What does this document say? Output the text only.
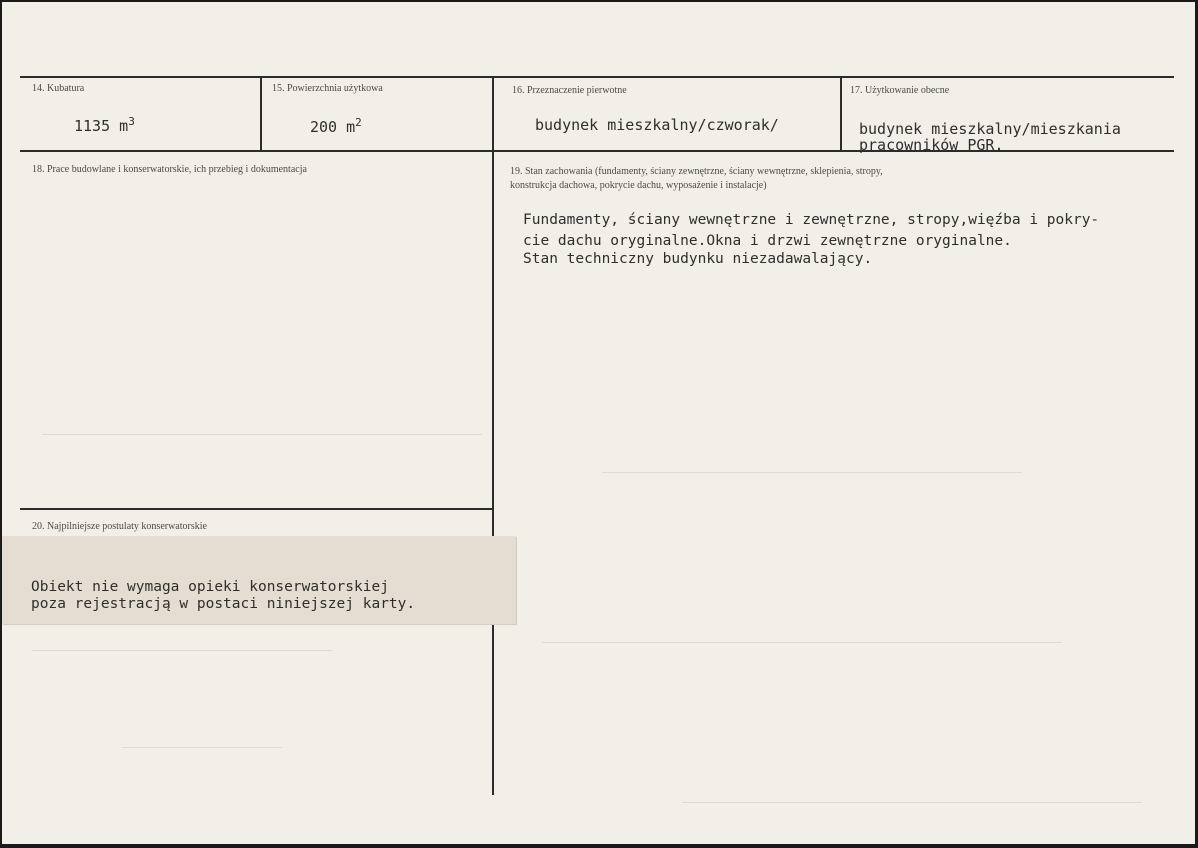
14. Kubatura
1135 $m^3$
15. Powierzchnia użytkowa
200 $m^2$
16. Przeznaczenie pierwotne
budynek mieszkalny/czworak/
17. Użytkowanie obecne
budynek mieszkalny/mieszkania
pracowników PGR.
18. Prace budowlane i konserwatorskie, ich przebieg i dokumentacja	19. Stan zachowania (fundamenty, ściany zewnętrzne, ściany wewnętrzne, sklepienia, stropy,
konstrukcja dachowa, pokrycie dachu, wyposażenie i instalacje)
Fundamenty, ściany wewnętrzne i zewnętrzne, stropy,więźba i pokry-
cie dachu oryginalne.Okna i drzwi zewnętrzne oryginalne.
Stan techniczny budynku niezadawalający.
20. Najpilniejsze postulaty konserwatorskie
Obiekt nie wymaga opieki konserwatorskiej
poza rejestracją w postaci niniejszej karty.
